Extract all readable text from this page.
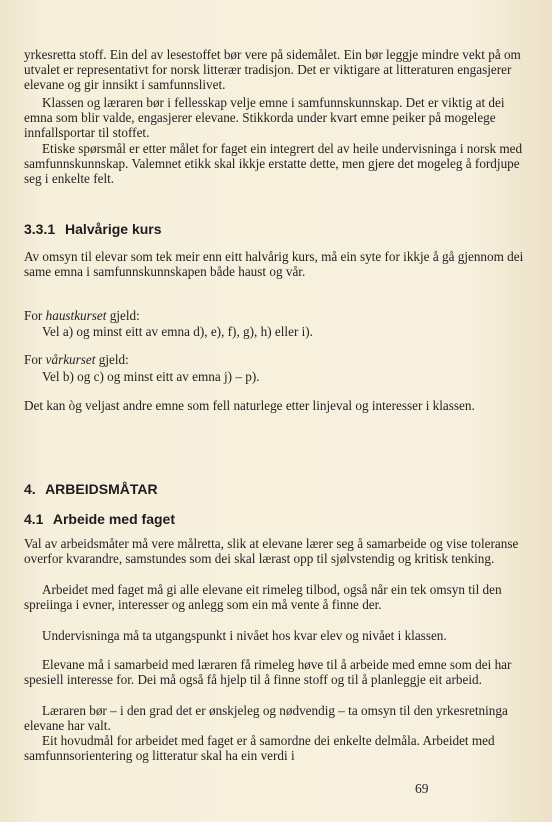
yrkesretta stoff. Ein del av lesestoffet bør vere på sidemålet. Ein bør leggje mindre vekt på om utvalet er representativt for norsk litterær tradisjon. Det er viktigare at litteraturen engasjerer elevane og gir innsikt i samfunnslivet.

Klassen og læraren bør i fellesskap velje emne i samfunnskunnskap. Det er viktig at dei emna som blir valde, engasjerer elevane. Stikkorda under kvart emne peiker på mogelege innfallsportar til stoffet.

Etiske spørsmål er etter målet for faget ein integrert del av heile undervisninga i norsk med samfunnskunnskap. Valemnet etikk skal ikkje erstatte dette, men gjere det mogeleg å fordjupe seg i enkelte felt.

3.3.1 Halvårige kurs

Av omsyn til elevar som tek meir enn eitt halvårig kurs, må ein syte for ikkje å gå gjennom dei same emna i samfunnskunnskapen både haust og vår.

For haustkurset gjeld:

Vel a) og minst eitt av emna d), e), f), g), h) eller i).

For vårkurset gjeld:

Vel b) og c) og minst eitt av emna j) – p).

Det kan òg veljast andre emne som fell naturlege etter linjeval og interesser i klassen.

4. ARBEIDSMÅTAR
4.1 Arbeide med faget

Val av arbeidsmåter må vere målretta, slik at elevane lærer seg å samarbeide og vise toleranse overfor kvarandre, samstundes som dei skal lærast opp til sjølvstendig og kritisk tenking.

Arbeidet med faget må gi alle elevane eit rimeleg tilbod, også når ein tek omsyn til den spreiinga i evner, interesser og anlegg som ein må vente å finne der.

Undervisninga må ta utgangspunkt i nivået hos kvar elev og nivået i klassen.

Elevane må i samarbeid med læraren få rimeleg høve til å arbeide med emne som dei har spesiell interesse for. Dei må også få hjelp til å finne stoff og til å planleggje eit arbeid.

Læraren bør – i den grad det er ønskjeleg og nødvendig – ta omsyn til den yrkesretninga elevane har valt.

Eit hovudmål for arbeidet med faget er å samordne dei enkelte delmåla. Arbeidet med samfunnsorientering og litteratur skal ha ein verdi i

69
